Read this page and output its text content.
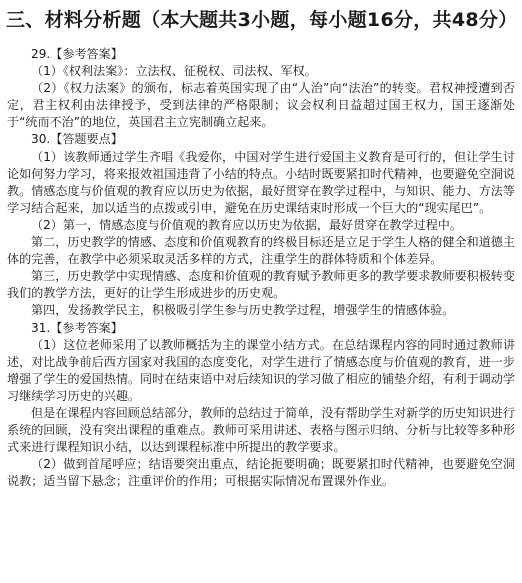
三、材料分析题（本大题共3小题，每小题16分，共48分）

29.【参考答案】

（1）《权利法案》：立法权、征税权、司法权、军权。

（2）《权力法案》的颁布，标志着英国实现了由“人治”向“法治”的转变。君权神授遭到否定，君主权利由法律授予，受到法律的严格限制；议会权利日益超过国王权力，国王逐渐处于“统而不治”的地位，英国君主立宪制确立起来。

30.【答题要点】

（1）该教师通过学生齐唱《我爱你，中国对学生进行爱国主义教育是可行的，但让学生讨论如何努力学习，将来报效祖国违背了小结的特点。小结时既要紧扣时代精神，也要避免空洞说教。情感态度与价值观的教育应以历史为依据，最好贯穿在教学过程中，与知识、能力、方法等学习结合起来，加以适当的点拨或引申，避免在历史课结束时形成一个巨大的“现实尾巴”。

（2）第一，情感态度与价值观的教育应以历史为依据，最好贯穿在教学过程中。

第二，历史教学的情感、态度和价值观教育的终极目标还是立足于学生人格的健全和道德主体的完善，在教学中必须采取灵活多样的方式，注重学生的群体特质和个体差异。

第三，历史教学中实现情感、态度和价值观的教育赋予教师更多的教学要求教师要积极转变我们的教学方法，更好的让学生形成进步的历史观。

第四，发扬教学民主，积极吸引学生参与历史教学过程，增强学生的情感体验。

31.【参考答案】

（1）这位老师采用了以教师概括为主的课堂小结方式。在总结课程内容的同时通过教师讲述，对比战争前后西方国家对我国的态度变化，对学生进行了情感态度与价值观的教育，进一步增强了学生的爱国热情。同时在结束语中对后续知识的学习做了相应的铺垫介绍，有利于调动学习继续学习历史的兴趣。

但是在课程内容回顾总结部分，教师的总结过于简单，没有帮助学生对新学的历史知识进行系统的回顾，没有突出课程的重难点。教师可采用讲述、表格与图示归纳、分析与比较等多种形式来进行课程知识小结，以达到课程标准中所提出的教学要求。

（2）做到首尾呼应；结语要突出重点，结论扼要明确；既要紧扣时代精神，也要避免空洞说教；适当留下悬念；注重评价的作用；可根据实际情况布置课外作业。
